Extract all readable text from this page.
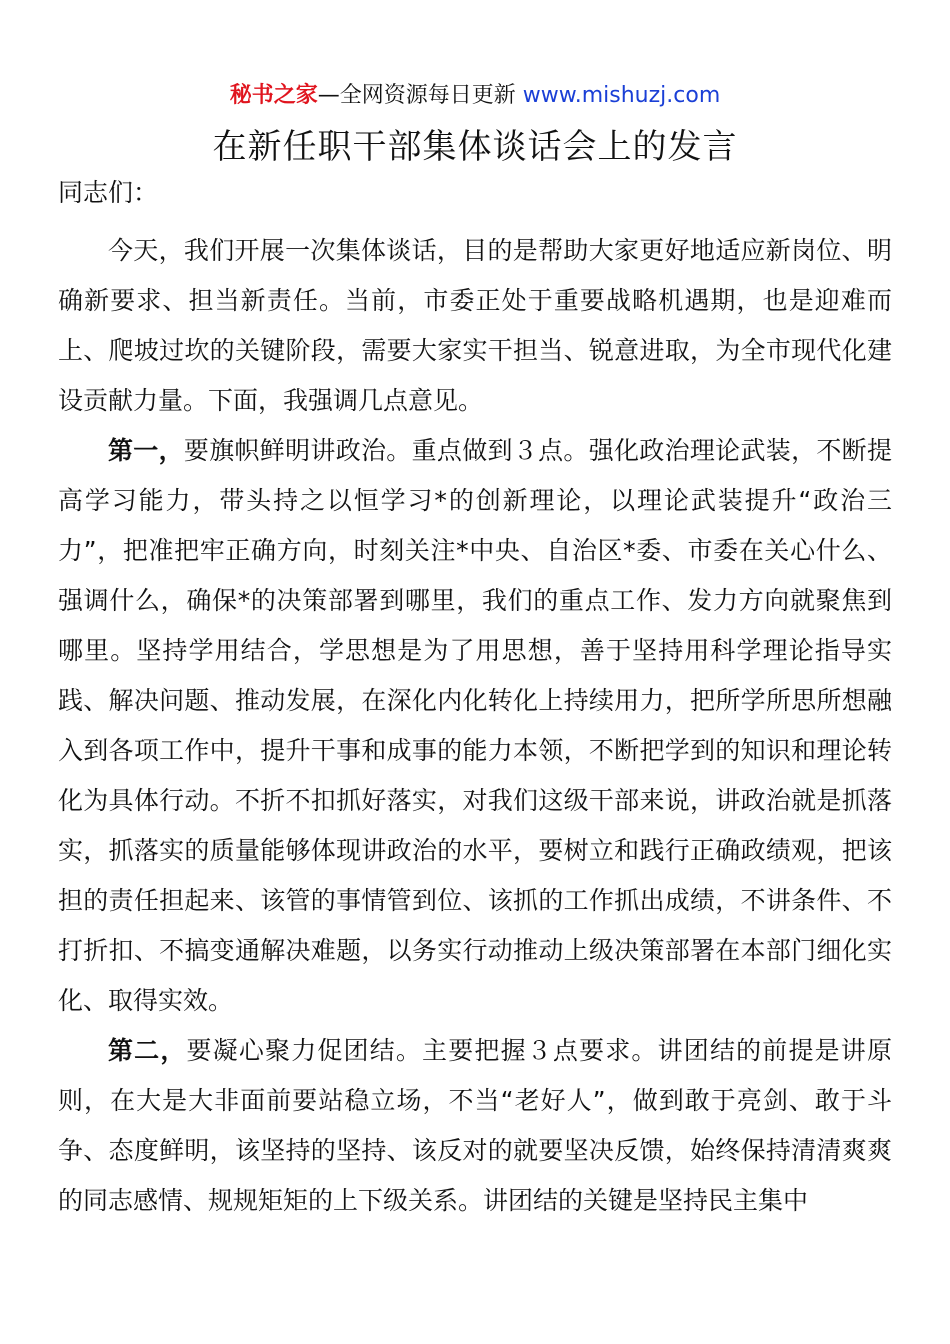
秘书之家—全网资源每日更新 www.mishuzj.com
在新任职干部集体谈话会上的发言
同志们：

今天，我们开展一次集体谈话，目的是帮助大家更好地适应新岗位、明确新要求、担当新责任。当前，市委正处于重要战略机遇期，也是迎难而上、爬坡过坎的关键阶段，需要大家实干担当、锐意进取，为全市现代化建设贡献力量。下面，我强调几点意见。

第一，要旗帜鲜明讲政治。重点做到３点。强化政治理论武装，不断提高学习能力，带头持之以恒学习*的创新理论，以理论武装提升“政治三力”，把准把牢正确方向，时刻关注*中央、自治区*委、市委在关心什么、强调什么，确保*的决策部署到哪里，我们的重点工作、发力方向就聚焦到哪里。坚持学用结合，学思想是为了用思想，善于坚持用科学理论指导实践、解决问题、推动发展，在深化内化转化上持续用力，把所学所思所想融入到各项工作中，提升干事和成事的能力本领，不断把学到的知识和理论转化为具体行动。不折不扣抓好落实，对我们这级干部来说，讲政治就是抓落实，抓落实的质量能够体现讲政治的水平，要树立和践行正确政绩观，把该担的责任担起来、该管的事情管到位、该抓的工作抓出成绩，不讲条件、不打折扣、不搞变通解决难题，以务实行动推动上级决策部署在本部门细化实化、取得实效。

第二，要凝心聚力促团结。主要把握３点要求。讲团结的前提是讲原则，在大是大非面前要站稳立场，不当“老好人”，做到敢于亮剑、敢于斗争、态度鲜明，该坚持的坚持、该反对的就要坚决反馈，始终保持清清爽爽的同志感情、规规矩矩的上下级关系。讲团结的关键是坚持民主集中
